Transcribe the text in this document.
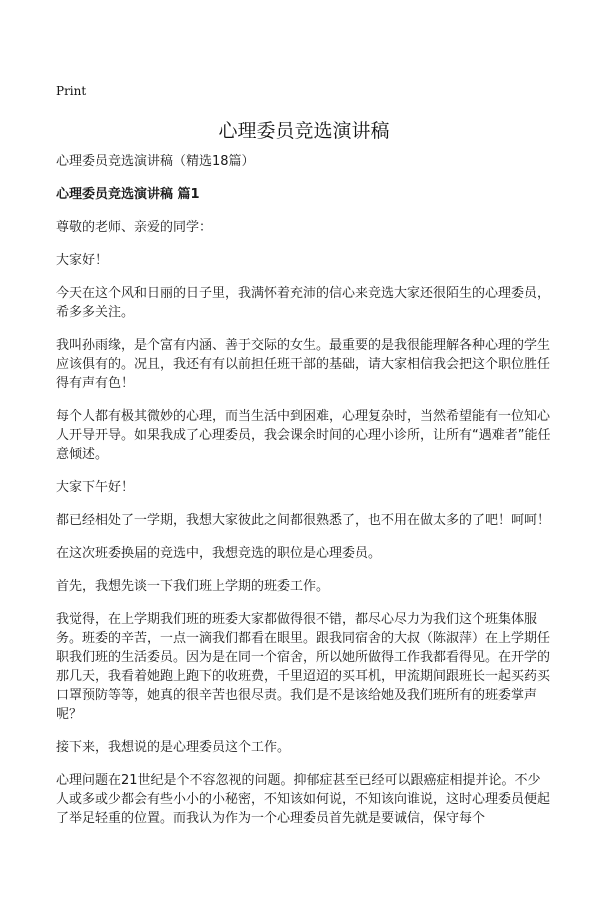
Print
心理委员竞选演讲稿

心理委员竞选演讲稿（精选18篇）

心理委员竞选演讲稿 篇1

尊敬的老师、亲爱的同学：

大家好！

今天在这个风和日丽的日子里，我满怀着充沛的信心来竞选大家还很陌生的心理委员，希多多关注。

我叫孙雨缘，是个富有内涵、善于交际的女生。最重要的是我很能理解各种心理的学生应该俱有的。况且，我还有有以前担任班干部的基础，请大家相信我会把这个职位胜任得有声有色！

每个人都有极其微妙的心理，而当生活中到困难，心理复杂时，当然希望能有一位知心人开导开导。如果我成了心理委员，我会课余时间的心理小诊所，让所有“遇难者”能任意倾述。

大家下午好！

都已经相处了一学期，我想大家彼此之间都很熟悉了，也不用在做太多的了吧！呵呵！

在这次班委换届的竞选中，我想竞选的职位是心理委员。

首先，我想先谈一下我们班上学期的班委工作。

我觉得，在上学期我们班的班委大家都做得很不错，都尽心尽力为我们这个班集体服务。班委的辛苦，一点一滴我们都看在眼里。跟我同宿舍的大叔（陈淑萍）在上学期任职我们班的生活委员。因为是在同一个宿舍，所以她所做得工作我都看得见。在开学的那几天，我看着她跑上跑下的收班费，千里迢迢的买耳机，甲流期间跟班长一起买药买口罩预防等等，她真的很辛苦也很尽责。我们是不是该给她及我们班所有的班委掌声呢？

接下来，我想说的是心理委员这个工作。

心理问题在21世纪是个不容忽视的问题。抑郁症甚至已经可以跟癌症相提并论。不少人或多或少都会有些小小的小秘密，不知该如何说，不知该向谁说，这时心理委员便起了举足轻重的位置。而我认为作为一个心理委员首先就是要诚信，保守每个
